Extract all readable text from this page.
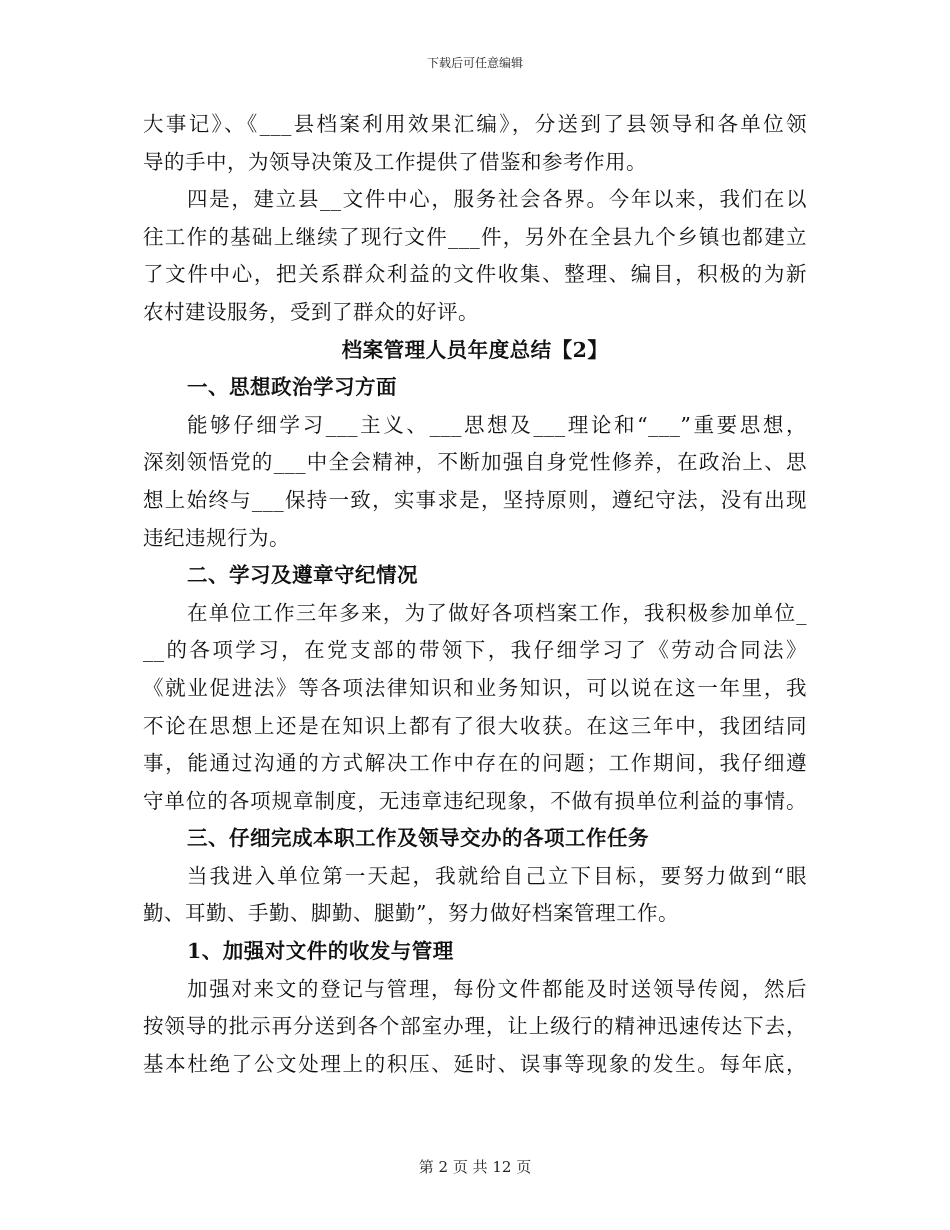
下载后可任意编辑
大事记》、《___县档案利用效果汇编》，分送到了县领导和各单位领
导的手中，为领导决策及工作提供了借鉴和参考作用。
四是，建立县__文件中心，服务社会各界。今年以来，我们在以
往工作的基础上继续了现行文件___件，另外在全县九个乡镇也都建立
了文件中心，把关系群众利益的文件收集、整理、编目，积极的为新
农村建设服务，受到了群众的好评。
档案管理人员年度总结【2】
一、思想政治学习方面
能够仔细学习___主义、___思想及___理论和“___”重要思想，
深刻领悟党的___中全会精神，不断加强自身党性修养，在政治上、思
想上始终与___保持一致，实事求是，坚持原则，遵纪守法，没有出现
违纪违规行为。
二、学习及遵章守纪情况
在单位工作三年多来，为了做好各项档案工作，我积极参加单位_
__的各项学习，在党支部的带领下，我仔细学习了《劳动合同法》
《就业促进法》等各项法律知识和业务知识，可以说在这一年里，我
不论在思想上还是在知识上都有了很大收获。在这三年中，我团结同
事，能通过沟通的方式解决工作中存在的问题；工作期间，我仔细遵
守单位的各项规章制度，无违章违纪现象，不做有损单位利益的事情。
三、仔细完成本职工作及领导交办的各项工作任务
当我进入单位第一天起，我就给自己立下目标，要努力做到“眼
勤、耳勤、手勤、脚勤、腿勤”，努力做好档案管理工作。
1、加强对文件的收发与管理
加强对来文的登记与管理，每份文件都能及时送领导传阅，然后
按领导的批示再分送到各个部室办理，让上级行的精神迅速传达下去，
基本杜绝了公文处理上的积压、延时、误事等现象的发生。每年底，
第 2 页 共 12 页
